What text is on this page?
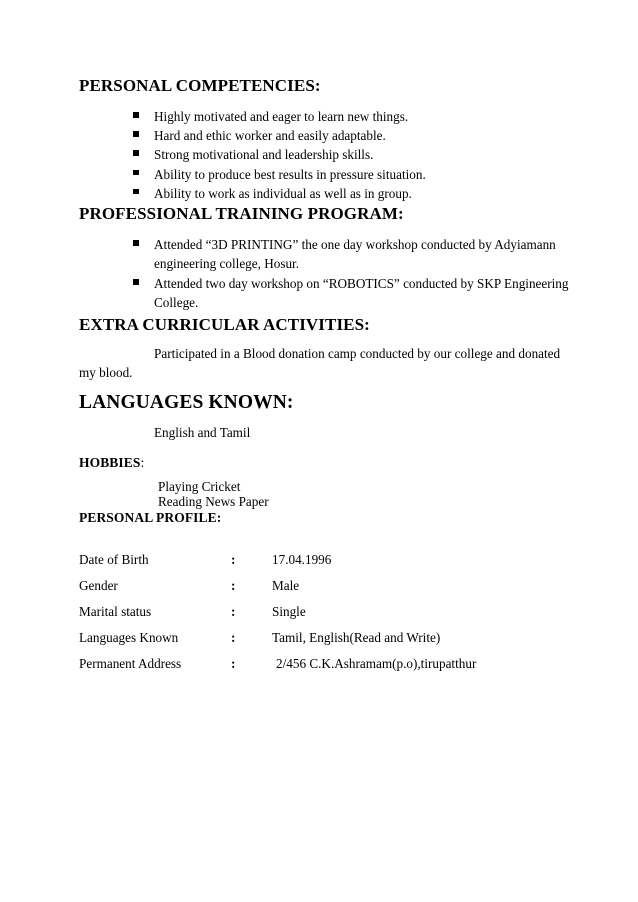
PERSONAL COMPETENCIES:
Highly motivated and eager to learn new things.
Hard and ethic worker and easily adaptable.
Strong motivational and leadership skills.
Ability to produce best results in pressure situation.
Ability to work as individual as well as in group.
PROFESSIONAL TRAINING PROGRAM:
Attended “3D PRINTING” the one day workshop conducted by Adyiamann
engineering college, Hosur.
Attended two day workshop on “ROBOTICS” conducted by SKP Engineering
College.
EXTRA CURRICULAR ACTIVITIES:
Participated in a Blood donation camp conducted by our college and donated
my blood.
LANGUAGES KNOWN:
English and Tamil
HOBBIES:
Playing Cricket
Reading News Paper
PERSONAL PROFILE:
Date of Birth	:	17.04.1996
Gender	:	Male
Marital status	:	Single
Languages Known	:	Tamil, English(Read and Write)
Permanent Address	:	2/456 C.K.Ashramam(p.o),tirupatthur
